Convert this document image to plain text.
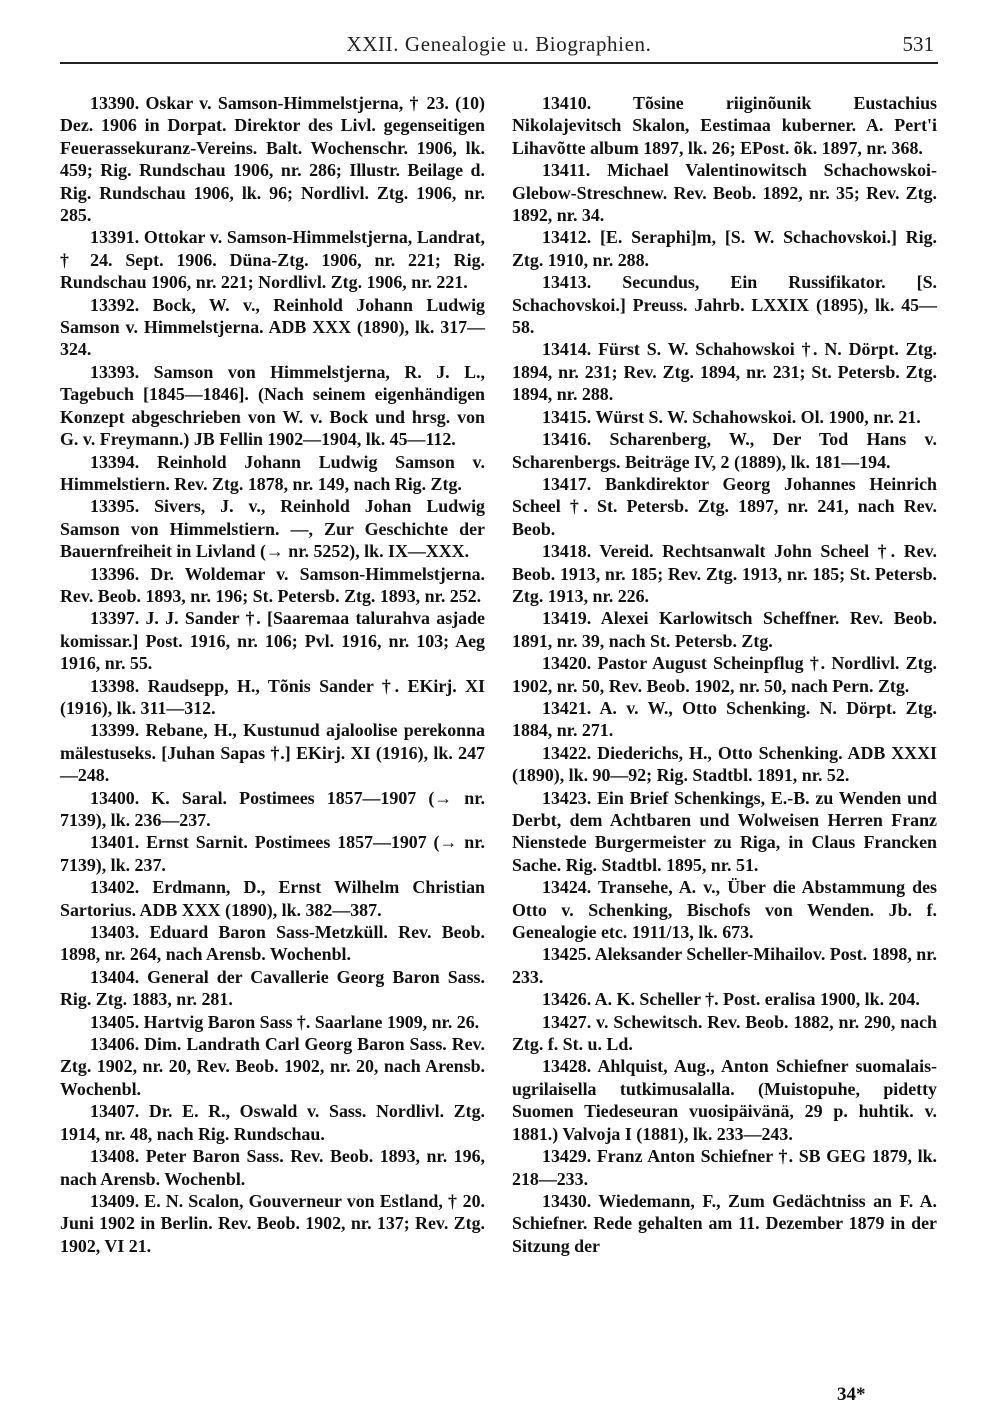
XXII. Genealogie u. Biographien.	531

13390. Oskar v. Samson-Himmelstjerna, † 23. (10) Dez. 1906 in Dorpat. Direktor des Livl. gegenseitigen Feuerassekuranz-Vereins. Balt. Wochenschr. 1906, lk. 459; Rig. Rundschau 1906, nr. 286; Illustr. Beilage d. Rig. Rundschau 1906, lk. 96; Nordlivl. Ztg. 1906, nr. 285.

13391. Ottokar v. Samson-Himmelstjerna, Landrat, † 24. Sept. 1906. Düna-Ztg. 1906, nr. 221; Rig. Rundschau 1906, nr. 221; Nordlivl. Ztg. 1906, nr. 221.

13392. Bock, W. v., Reinhold Johann Ludwig Samson v. Himmelstjerna. ADB XXX (1890), lk. 317—324.

13393. Samson von Himmelstjerna, R. J. L., Tagebuch [1845—1846]. (Nach seinem eigenhändigen Konzept abgeschrieben von W. v. Bock und hrsg. von G. v. Freymann.) JB Fellin 1902—1904, lk. 45—112.

13394. Reinhold Johann Ludwig Samson v. Himmelstiern. Rev. Ztg. 1878, nr. 149, nach Rig. Ztg.

13395. Sivers, J. v., Reinhold Johan Ludwig Samson von Himmelstiern. —, Zur Geschichte der Bauernfreiheit in Livland (→ nr. 5252), lk. IX—XXX.

13396. Dr. Woldemar v. Samson-Himmelstjerna. Rev. Beob. 1893, nr. 196; St. Petersb. Ztg. 1893, nr. 252.

13397. J. J. Sander †. [Saaremaa talurahva asjade komissar.] Post. 1916, nr. 106; Pvl. 1916, nr. 103; Aeg 1916, nr. 55.

13398. Raudsepp, H., Tõnis Sander †. EKirj. XI (1916), lk. 311—312.

13399. Rebane, H., Kustunud ajaloolise perekonna mälestuseks. [Juhan Sapas †.] EKirj. XI (1916), lk. 247—248.

13400. K. Saral. Postimees 1857—1907 (→ nr. 7139), lk. 236—237.

13401. Ernst Sarnit. Postimees 1857—1907 (→ nr. 7139), lk. 237.

13402. Erdmann, D., Ernst Wilhelm Christian Sartorius. ADB XXX (1890), lk. 382—387.

13403. Eduard Baron Sass-Metzküll. Rev. Beob. 1898, nr. 264, nach Arensb. Wochenbl.

13404. General der Cavallerie Georg Baron Sass. Rig. Ztg. 1883, nr. 281.

13405. Hartvig Baron Sass †. Saarlane 1909, nr. 26.

13406. Dim. Landrath Carl Georg Baron Sass. Rev. Ztg. 1902, nr. 20, Rev. Beob. 1902, nr. 20, nach Arensb. Wochenbl.

13407. Dr. E. R., Oswald v. Sass. Nordlivl. Ztg. 1914, nr. 48, nach Rig. Rundschau.

13408. Peter Baron Sass. Rev. Beob. 1893, nr. 196, nach Arensb. Wochenbl.

13409. E. N. Scalon, Gouverneur von Estland, † 20. Juni 1902 in Berlin. Rev. Beob. 1902, nr. 137; Rev. Ztg. 1902, VI 21.

13410. Tõsine riiginõunik Eustachius Nikolajevitsch Skalon, Eestimaa kuberner. A. Pert'i Lihavõtte album 1897, lk. 26; EPost. õk. 1897, nr. 368.

13411. Michael Valentinowitsch Schachowskoi-Glebow-Streschnew. Rev. Beob. 1892, nr. 35; Rev. Ztg. 1892, nr. 34.

13412. [E. Seraphi]m, [S. W. Schachovskoi.] Rig. Ztg. 1910, nr. 288.

13413. Secundus, Ein Russifikator. [S. Schachovskoi.] Preuss. Jahrb. LXXIX (1895), lk. 45—58.

13414. Fürst S. W. Schahowskoi †. N. Dörpt. Ztg. 1894, nr. 231; Rev. Ztg. 1894, nr. 231; St. Petersb. Ztg. 1894, nr. 288.

13415. Würst S. W. Schahowskoi. Ol. 1900, nr. 21.

13416. Scharenberg, W., Der Tod Hans v. Scharenbergs. Beiträge IV, 2 (1889), lk. 181—194.

13417. Bankdirektor Georg Johannes Heinrich Scheel †. St. Petersb. Ztg. 1897, nr. 241, nach Rev. Beob.

13418. Vereid. Rechtsanwalt John Scheel †. Rev. Beob. 1913, nr. 185; Rev. Ztg. 1913, nr. 185; St. Petersb. Ztg. 1913, nr. 226.

13419. Alexei Karlowitsch Scheffner. Rev. Beob. 1891, nr. 39, nach St. Petersb. Ztg.

13420. Pastor August Scheinpflug †. Nordlivl. Ztg. 1902, nr. 50, Rev. Beob. 1902, nr. 50, nach Pern. Ztg.

13421. A. v. W., Otto Schenking. N. Dörpt. Ztg. 1884, nr. 271.

13422. Diederichs, H., Otto Schenking. ADB XXXI (1890), lk. 90—92; Rig. Stadtbl. 1891, nr. 52.

13423. Ein Brief Schenkings, E.-B. zu Wenden und Derbt, dem Achtbaren und Wolweisen Herren Franz Nienstede Burgermeister zu Riga, in Claus Francken Sache. Rig. Stadtbl. 1895, nr. 51.

13424. Transehe, A. v., Über die Abstammung des Otto v. Schenking, Bischofs von Wenden. Jb. f. Genealogie etc. 1911/13, lk. 673.

13425. Aleksander Scheller-Mihailov. Post. 1898, nr. 233.

13426. A. K. Scheller †. Post. eralisa 1900, lk. 204.

13427. v. Schewitsch. Rev. Beob. 1882, nr. 290, nach Ztg. f. St. u. Ld.

13428. Ahlquist, Aug., Anton Schiefner suomalais-ugrilaisella tutkimusalalla. (Muistopuhe, pidetty Suomen Tiedeseuran vuosipäivänä, 29 p. huhtik. v. 1881.) Valvoja I (1881), lk. 233—243.

13429. Franz Anton Schiefner †. SB GEG 1879, lk. 218—233.

13430. Wiedemann, F., Zum Gedächtniss an F. A. Schiefner. Rede gehalten am 11. Dezember 1879 in der Sitzung der

34*
